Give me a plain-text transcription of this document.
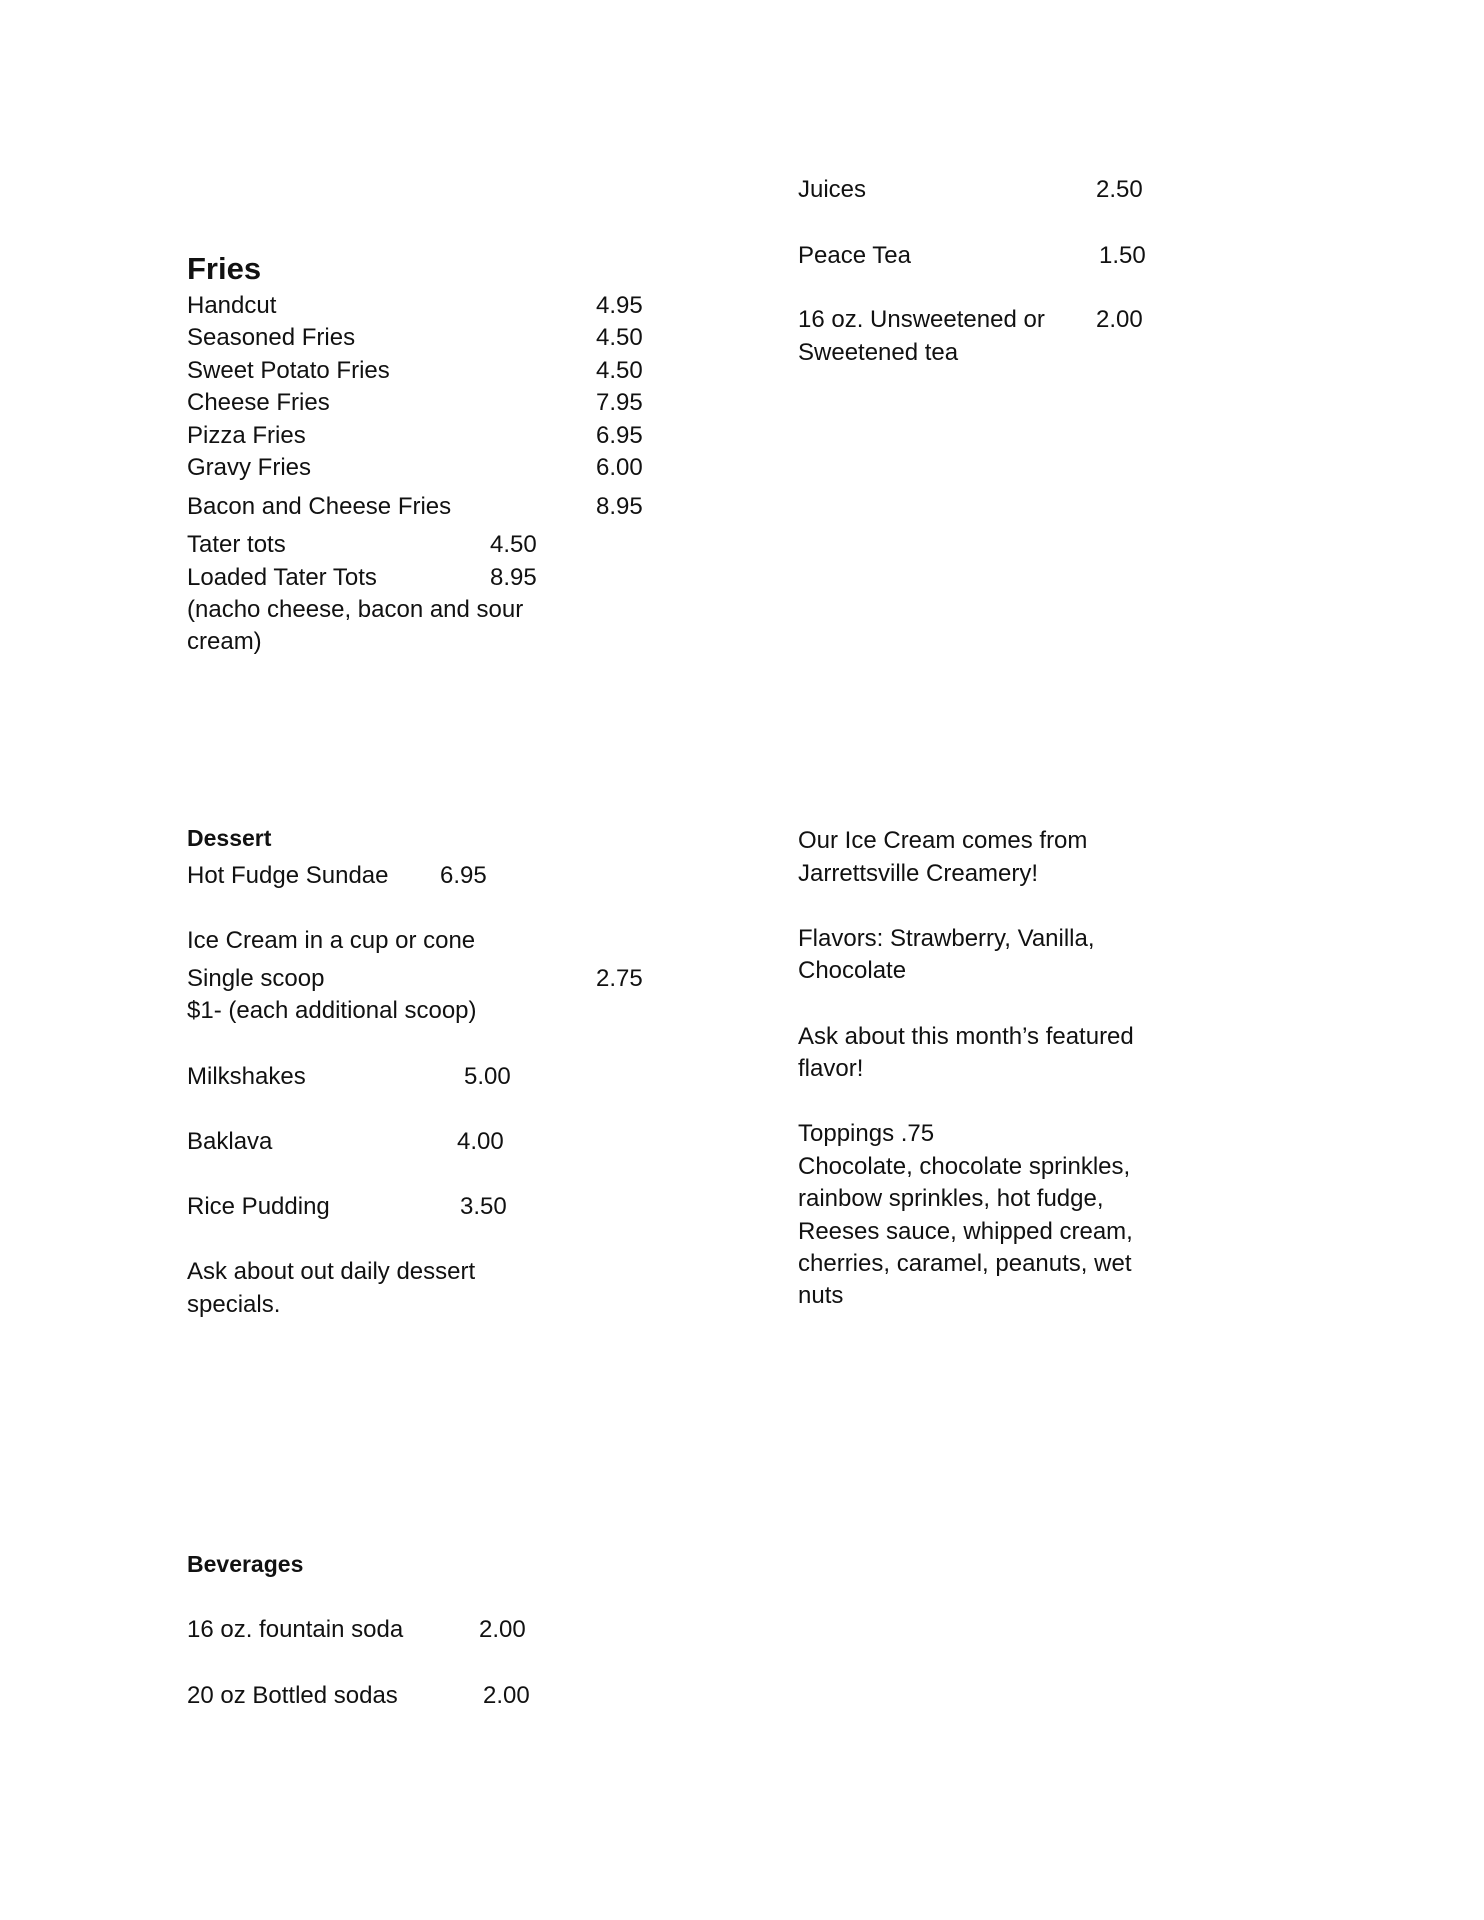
Juices	2.50
Peace Tea	1.50
16 oz. Unsweetened or 2.00
Sweetened tea
Fries
Handcut	4.95
Seasoned Fries	4.50
Sweet Potato Fries	4.50
Cheese Fries	7.95
Pizza Fries	6.95
Gravy Fries	6.00
Bacon and Cheese Fries	8.95
Tater tots	4.50
Loaded Tater Tots	8.95
(nacho cheese, bacon and sour
cream)
Dessert
Hot Fudge Sundae 6.95
Ice Cream in a cup or cone
Single scoop	2.75
$1- (each additional scoop)
Milkshakes	5.00
Baklava	4.00
Rice Pudding	3.50
Ask about out daily dessert
specials.
Our Ice Cream comes from
Jarrettsville Creamery!
Flavors: Strawberry, Vanilla,
Chocolate
Ask about this month’s featured
flavor!
Toppings .75
Chocolate, chocolate sprinkles,
rainbow sprinkles, hot fudge,
Reeses sauce, whipped cream,
cherries, caramel, peanuts, wet
nuts
Beverages
16 oz. fountain soda	2.00
20 oz Bottled sodas	2.00
